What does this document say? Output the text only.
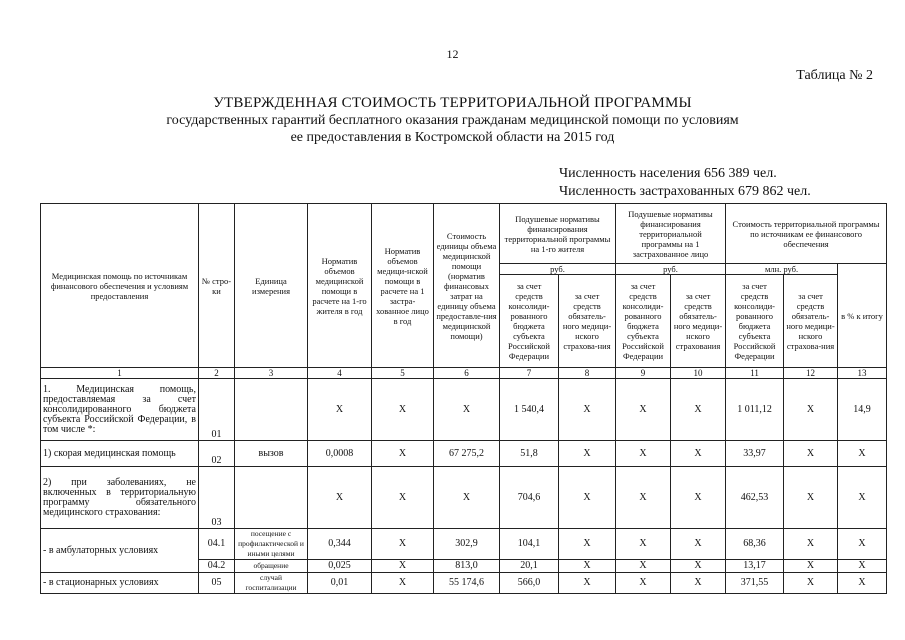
12
Таблица № 2
УТВЕРЖДЕННАЯ СТОИМОСТЬ ТЕРРИТОРИАЛЬНОЙ ПРОГРАММЫ
государственных гарантий бесплатного оказания гражданам медицинской помощи по условиям
ее предоставления в Костромской области на 2015 год
Численность населения 656 389 чел.
Численность застрахованных 679 862 чел.
Медицинская помощь по источникам финансового обеспечения и условиям предоставления	№ стро-ки	Единица измерения	Норматив объемов медицинской помощи в расчете на 1-го жителя в год	Норматив объемов медици-нской помощи в расчете на 1 застра-хованное лицо в год	Стоимость единицы объема медицинской помощи (норматив финансовых затрат на единицу объема предоставле-ния медицинской помощи)	Подушевые нормативы финансирования территориальной программы на 1-го жителя		Подушевые нормативы финансирования территориальной программы на 1 застрахованное лицо		Стоимость территориальной программы по источникам ее финансового обеспечения		
						руб.		руб.		млн. руб.		в % к итогу
						за счет средств консолиди-рованного бюджета субъекта Российской Федерации	за счет средств обязатель-ного медици-нского страхова-ния	за счет средств консолиди-рованного бюджета субъекта Российской Федерации	за счет средств обязатель-ного медици-нского страхования	за счет средств консолиди-рованного бюджета субъекта Российской Федерации	за счет средств обязатель-ного медици-нского страхова-ния	
1	2	3	4	5	6	7	8	9	10	11	12	13
1. Медицинская помощь, предоставляемая за счет консолидированного бюджета субъекта Российской Федерации, в том числе *:	01		X	X	X	1 540,4	X	X	X	1 011,12	X	14,9
1) скорая медицинская помощь	02	вызов	0,0008	X	67 275,2	51,8	X	X	X	33,97	X	X
2) при заболеваниях, не включенных в территориальную программу обязательного медицинского страхования:	03		X	X	X	704,6	X	X	X	462,53	X	X
- в амбулаторных условиях	04.1	посещение с профилактической и иными целями	0,344	X	302,9	104,1	X	X	X	68,36	X	X
	04.2	обращение	0,025	X	813,0	20,1	X	X	X	13,17	X	X
- в стационарных условиях	05	случай госпитализации	0,01	X	55 174,6	566,0	X	X	X	371,55	X	X
